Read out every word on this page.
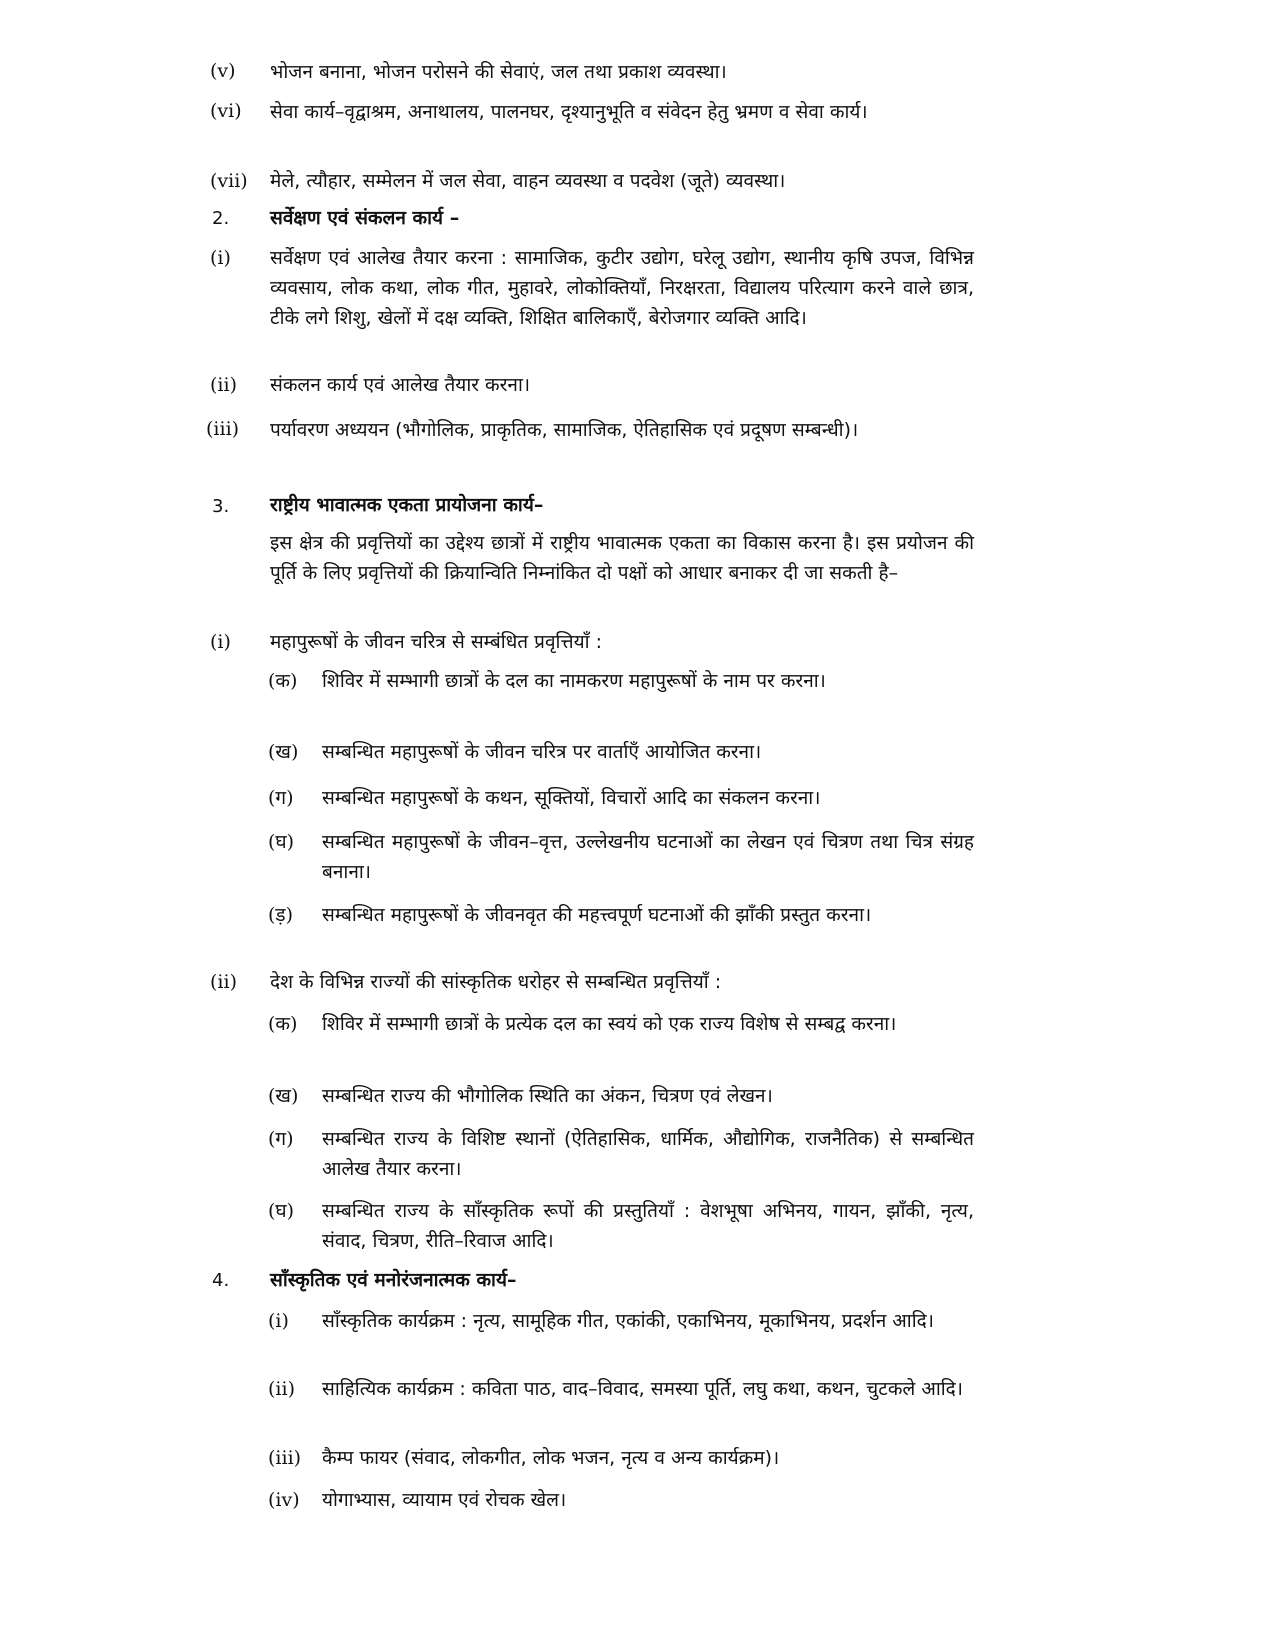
(v) भोजन बनाना, भोजन परोसने की सेवाएं, जल तथा प्रकाश व्यवस्था।
(vi) सेवा कार्य–वृद्वाश्रम, अनाथालय, पालनघर, दृश्यानुभूति व संवेदन हेतु भ्रमण व सेवा कार्य।
(vii) मेले, त्यौहार, सम्मेलन में जल सेवा, वाहन व्यवस्था व पदवेश (जूते) व्यवस्था।
2. सर्वेक्षण एवं संकलन कार्य –
(i) सर्वेक्षण एवं आलेख तैयार करना : सामाजिक, कुटीर उद्योग, घरेलू उद्योग, स्थानीय कृषि उपज, विभिन्न व्यवसाय, लोक कथा, लोक गीत, मुहावरे, लोकोक्तियाँ, निरक्षरता, विद्यालय परित्याग करने वाले छात्र, टीके लगे शिशु, खेलों में दक्ष व्यक्ति, शिक्षित बालिकाएँ, बेरोजगार व्यक्ति आदि।
(ii) संकलन कार्य एवं आलेख तैयार करना।
(iii) पर्यावरण अध्ययन (भौगोलिक, प्राकृतिक, सामाजिक, ऐतिहासिक एवं प्रदूषण सम्बन्धी)।
3. राष्ट्रीय भावात्मक एकता प्रायोजना कार्य–
इस क्षेत्र की प्रवृत्तियों का उद्देश्य छात्रों में राष्ट्रीय भावात्मक एकता का विकास करना है। इस प्रयोजन की पूर्ति के लिए प्रवृत्तियों की क्रियान्विति निम्नांकित दो पक्षों को आधार बनाकर दी जा सकती है–
(i) महापुरूषों के जीवन चरित्र से सम्बंधित प्रवृत्तियाँ :
(क) शिविर में सम्भागी छात्रों के दल का नामकरण महापुरूषों के नाम पर करना।
(ख) सम्बन्धित महापुरूषों के जीवन चरित्र पर वार्ताएँ आयोजित करना।
(ग) सम्बन्धित महापुरूषों के कथन, सूक्तियों, विचारों आदि का संकलन करना।
(घ) सम्बन्धित महापुरूषों के जीवन–वृत्त, उल्लेखनीय घटनाओं का लेखन एवं चित्रण तथा चित्र संग्रह बनाना।
(ड़) सम्बन्धित महापुरूषों के जीवनवृत की महत्त्वपूर्ण घटनाओं की झाँकी प्रस्तुत करना।
(ii) देश के विभिन्न राज्यों की सांस्कृतिक धरोहर से सम्बन्धित प्रवृत्तियाँ :
(क) शिविर में सम्भागी छात्रों के प्रत्येक दल का स्वयं को एक राज्य विशेष से सम्बद्व करना।
(ख) सम्बन्धित राज्य की भौगोलिक स्थिति का अंकन, चित्रण एवं लेखन।
(ग) सम्बन्धित राज्य के विशिष्ट स्थानों (ऐतिहासिक, धार्मिक, औद्योगिक, राजनैतिक) से सम्बन्धित आलेख तैयार करना।
(घ) सम्बन्धित राज्य के साँस्कृतिक रूपों की प्रस्तुतियाँ : वेशभूषा अभिनय, गायन, झाँकी, नृत्य, संवाद, चित्रण, रीति–रिवाज आदि।
4. साँस्कृतिक एवं मनोरंजनात्मक कार्य–
(i) साँस्कृतिक कार्यक्रम : नृत्य, सामूहिक गीत, एकांकी, एकाभिनय, मूकाभिनय, प्रदर्शन आदि।
(ii) साहित्यिक कार्यक्रम : कविता पाठ, वाद–विवाद, समस्या पूर्ति, लघु कथा, कथन, चुटकले आदि।
(iii) कैम्प फायर (संवाद, लोकगीत, लोक भजन, नृत्य व अन्य कार्यक्रम)।
(iv) योगाभ्यास, व्यायाम एवं रोचक खेल।
